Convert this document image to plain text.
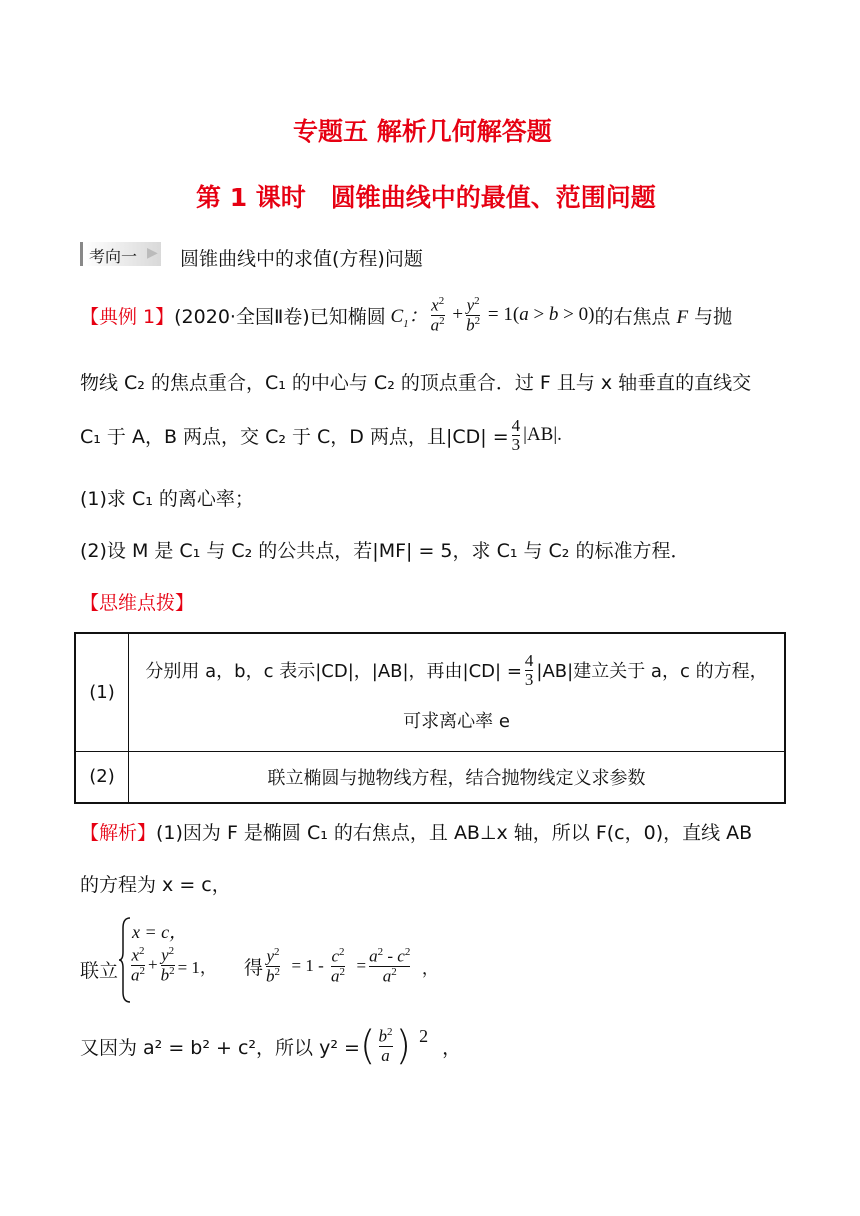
专题五 解析几何解答题
第 1 课时　圆锥曲线中的最值、范围问题
考向一 ▶ 圆锥曲线中的求值(方程)问题
【典例 1】 (2020·全国Ⅱ卷)已知椭圆 $C_1$： $\frac{x^2}{a^2} + \frac{y^2}{b^2} = 1(a > b > 0)$ 的右焦点 F 与抛
物线 C₂ 的焦点重合，C₁ 的中心与 C₂ 的顶点重合．过 F 且与 x 轴垂直的直线交
C₁ 于 A，B 两点，交 C₂ 于 C，D 两点，且$|CD| = \frac{4}{3} |AB|$.
(1)求 C₁ 的离心率；
(2)设 M 是 C₁ 与 C₂ 的公共点，若|MF| = 5，求 C₁ 与 C₂ 的标准方程．
【思维点拨】
(1)	分别用 a，b，c 表示|CD|，|AB|，再由$|CD| = \frac{4}{3} |AB|$建立关于 a，c 的方程，
可求离心率 e

(2)	联立椭圆与抛物线方程，结合抛物线定义求参数
【解析】(1)因为 F 是椭圆 C₁ 的右焦点，且 AB⊥x 轴，所以 F(c，0)，直线 AB
的方程为 x = c，
联立
x = c，
$\frac{x^2}{a^2} + \frac{y^2}{b^2} = 1$， 得 $\frac{y^2}{b^2} = 1 - \frac{c^2}{a^2} = \frac{a^2 - c^2}{a^2}$ ，
又因为 a² = b² + c²，所以 y² = ( $\frac{b^2}{a}$ ) 2
，
